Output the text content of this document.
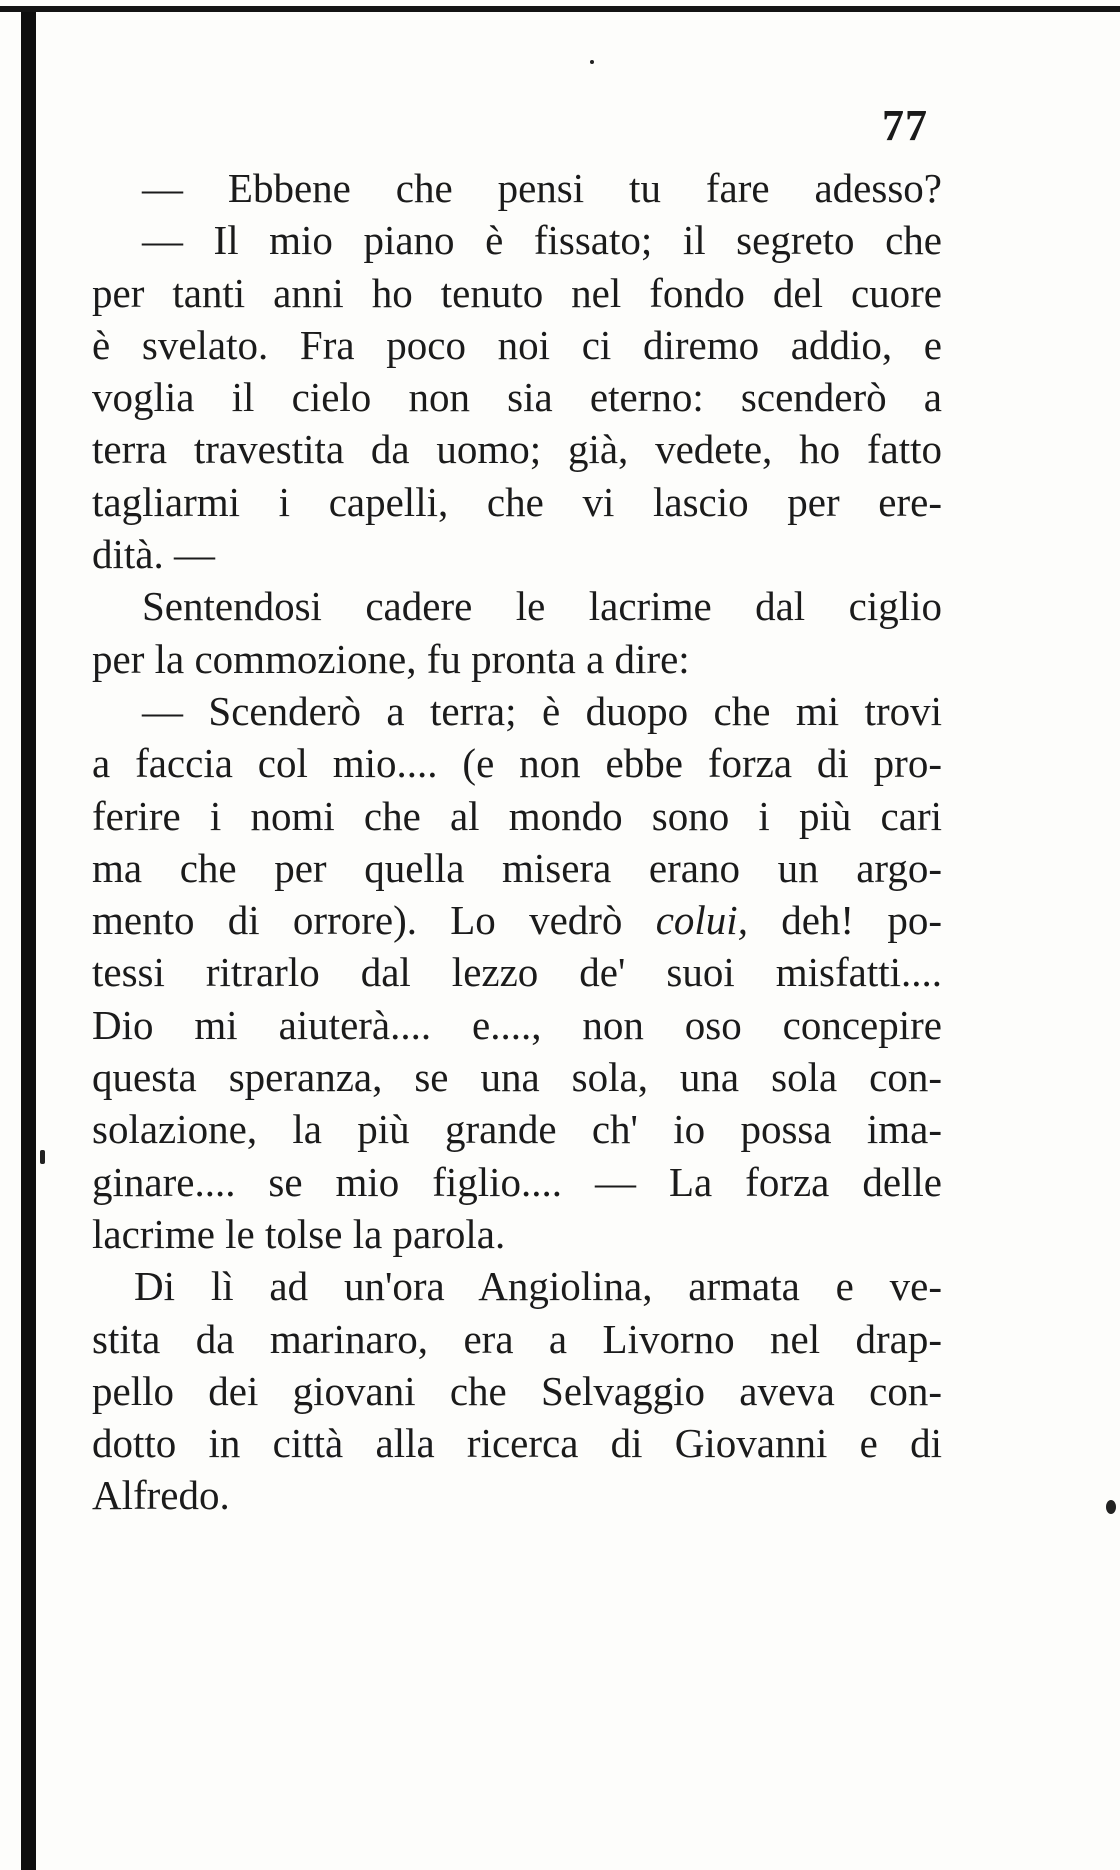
77
— Ebbene che pensi tu fare adesso?
— Il mio piano è fissato; il segreto che
per tanti anni ho tenuto nel fondo del cuore
è svelato. Fra poco noi ci diremo addio, e
voglia il cielo non sia eterno: scenderò a
terra travestita da uomo; già, vedete, ho fatto
tagliarmi i capelli, che vi lascio per ere-
dità. —
Sentendosi cadere le lacrime dal ciglio
per la commozione, fu pronta a dire:
— Scenderò a terra; è duopo che mi trovi
a faccia col mio.... (e non ebbe forza di pro-
ferire i nomi che al mondo sono i più cari
ma che per quella misera erano un argo-
mento di orrore). Lo vedrò colui, deh! po-
tessi ritrarlo dal lezzo de' suoi misfatti....
Dio mi aiuterà.... e...., non oso concepire
questa speranza, se una sola, una sola con-
solazione, la più grande ch' io possa ima-
ginare.... se mio figlio.... — La forza delle
lacrime le tolse la parola.
Di lì ad un'ora Angiolina, armata e ve-
stita da marinaro, era a Livorno nel drap-
pello dei giovani che Selvaggio aveva con-
dotto in città alla ricerca di Giovanni e di
Alfredo.
